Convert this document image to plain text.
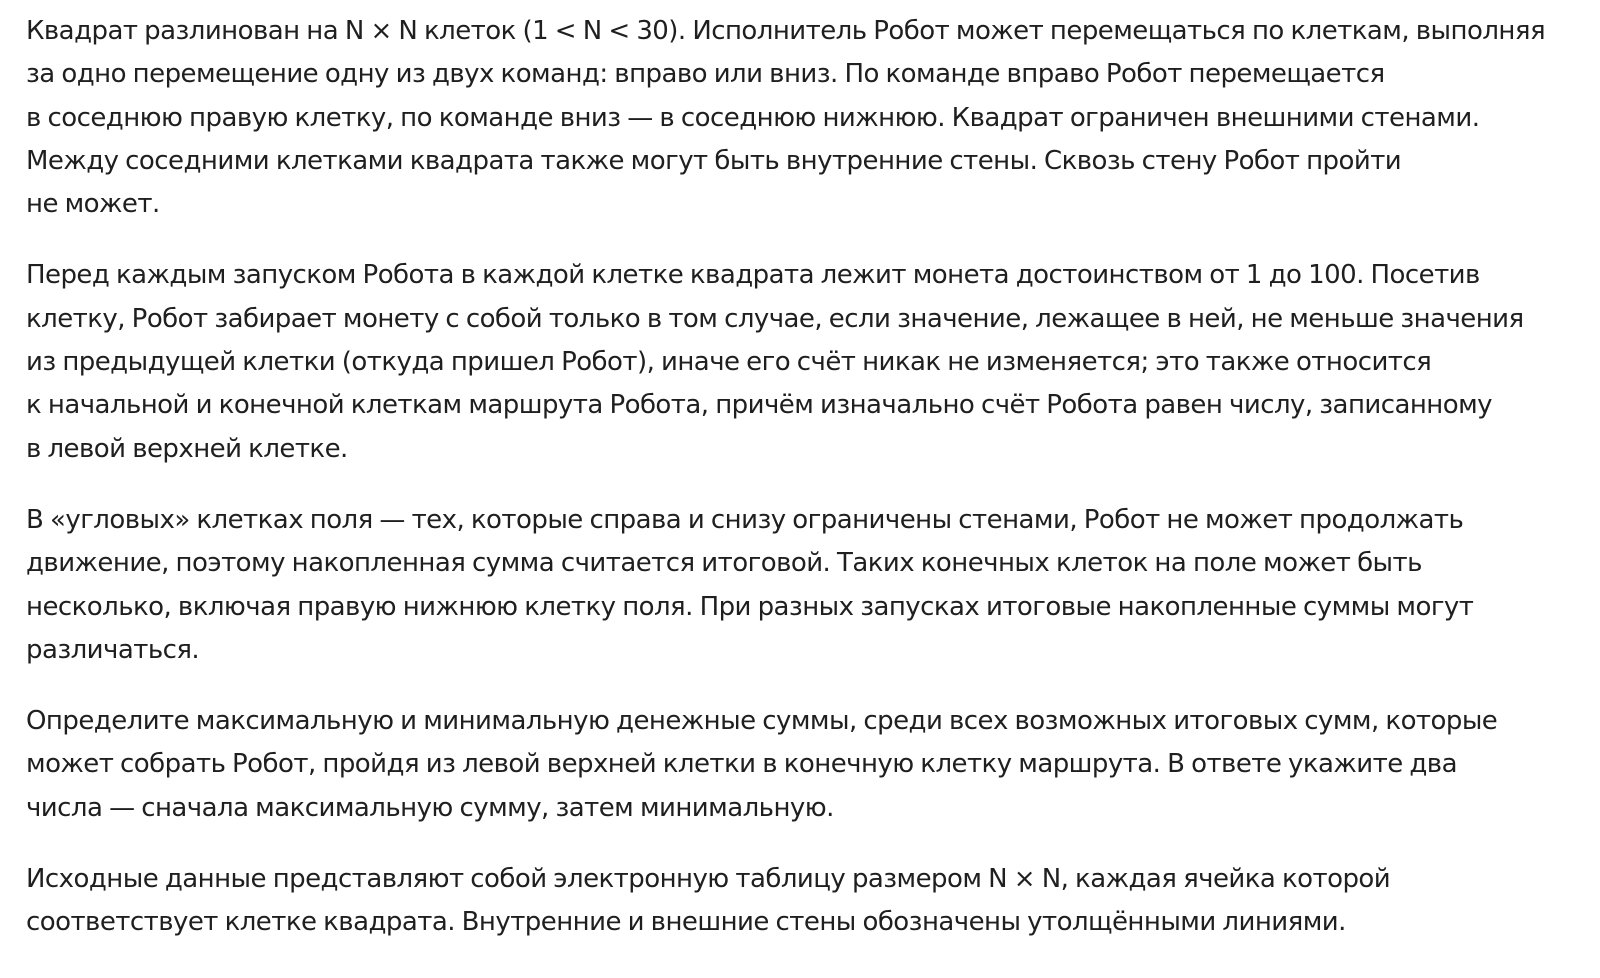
Квадрат разлинован на N × N клеток (1 < N < 30). Исполнитель Робот может перемещаться по клеткам, выполняя
за одно перемещение одну из двух команд: вправо или вниз. По команде вправо Робот перемещается
в соседнюю правую клетку, по команде вниз — в соседнюю нижнюю. Квадрат ограничен внешними стенами.
Между соседними клетками квадрата также могут быть внутренние стены. Сквозь стену Робот пройти
не может.

Перед каждым запуском Робота в каждой клетке квадрата лежит монета достоинством от 1 до 100. Посетив
клетку, Робот забирает монету с собой только в том случае, если значение, лежащее в ней, не меньше значения
из предыдущей клетки (откуда пришел Робот), иначе его счёт никак не изменяется; это также относится
к начальной и конечной клеткам маршрута Робота, причём изначально счёт Робота равен числу, записанному
в левой верхней клетке.

В «угловых» клетках поля — тех, которые справа и снизу ограничены стенами, Робот не может продолжать
движение, поэтому накопленная сумма считается итоговой. Таких конечных клеток на поле может быть
несколько, включая правую нижнюю клетку поля. При разных запусках итоговые накопленные суммы могут
различаться.

Определите максимальную и минимальную денежные суммы, среди всех возможных итоговых сумм, которые
может собрать Робот, пройдя из левой верхней клетки в конечную клетку маршрута. В ответе укажите два
числа — сначала максимальную сумму, затем минимальную.

Исходные данные представляют собой электронную таблицу размером N × N, каждая ячейка которой
соответствует клетке квадрата. Внутренние и внешние стены обозначены утолщёнными линиями.
